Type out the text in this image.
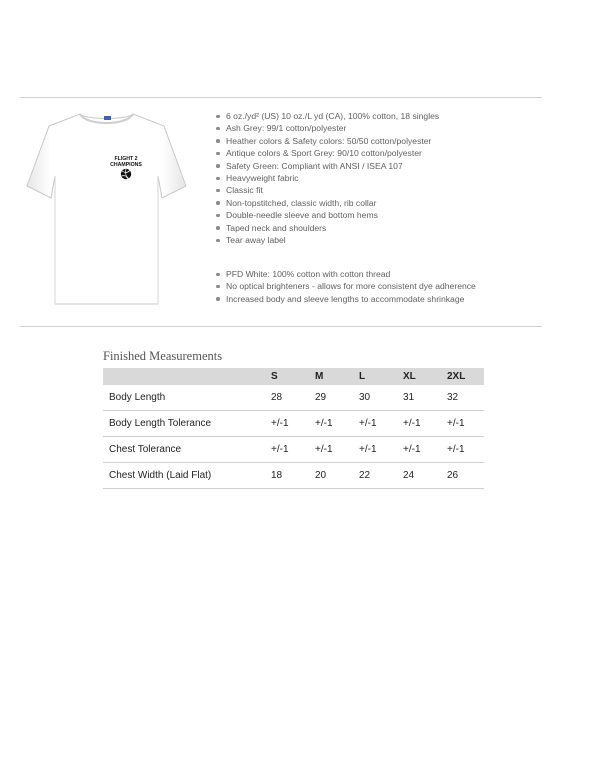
FLIGHT 2
CHAMPIONS
6 oz./yd² (US) 10 oz./L yd (CA), 100% cotton, 18 singles
Ash Grey: 99/1 cotton/polyester
Heather colors & Safety colors: 50/50 cotton/polyester
Antique colors & Sport Grey: 90/10 cotton/polyester
Safety Green: Compliant with ANSI / ISEA 107
Heavyweight fabric
Classic fit
Non-topstitched, classic width, rib collar
Double-needle sleeve and bottom hems
Taped neck and shoulders
Tear away label
PFD White: 100% cotton with cotton thread
No optical brighteners - allows for more consistent dye adherence
Increased body and sleeve lengths to accommodate shrinkage
Finished Measurements
	S	M	L	XL	2XL
Body Length	28	29	30	31	32
Body Length Tolerance	+/-1	+/-1	+/-1	+/-1	+/-1
Chest Tolerance	+/-1	+/-1	+/-1	+/-1	+/-1
Chest Width (Laid Flat)	18	20	22	24	26
